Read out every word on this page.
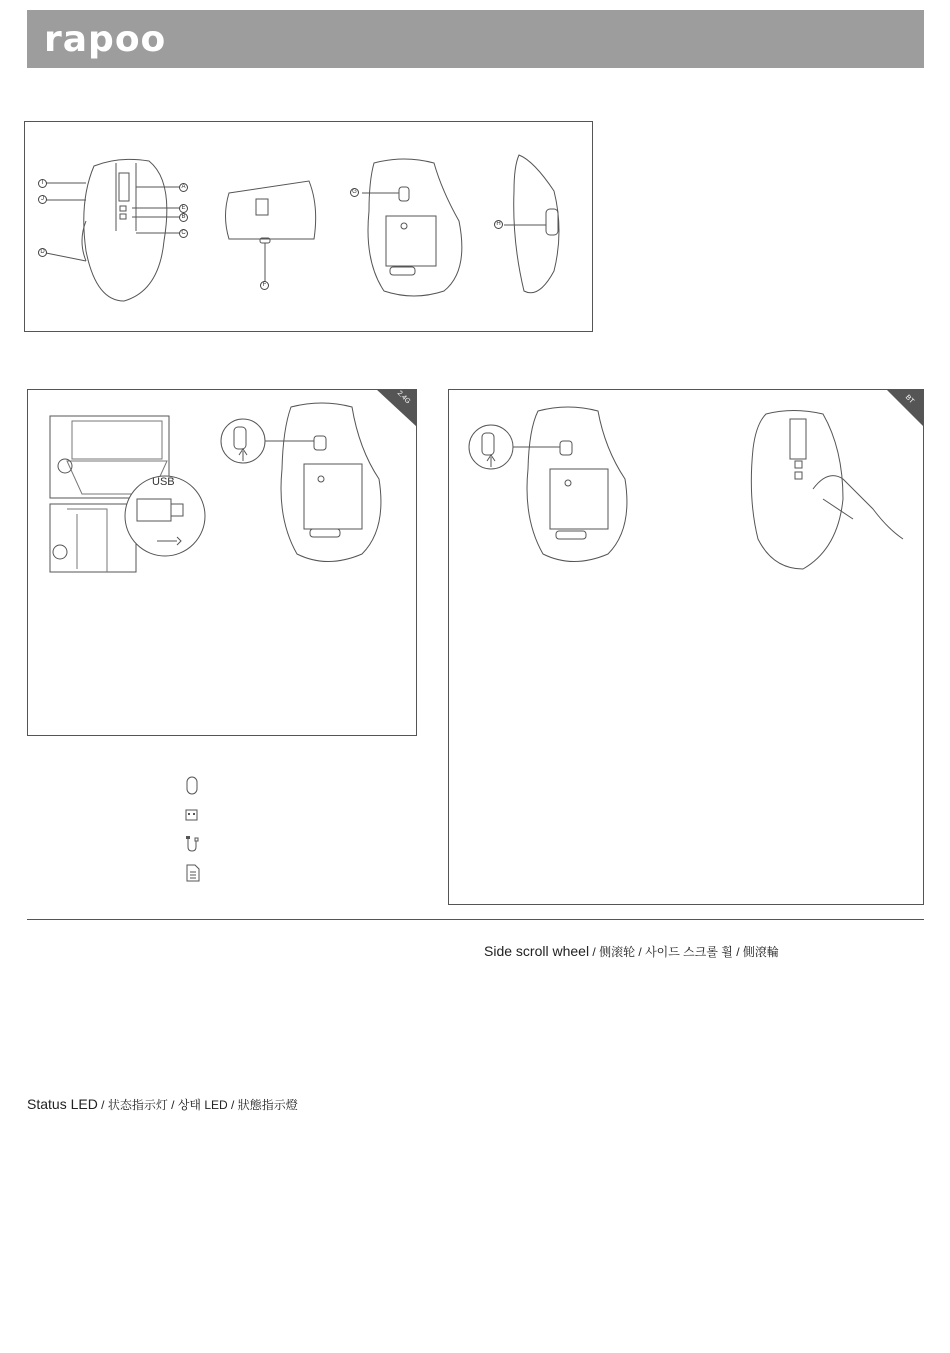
rapoo
I
J
D
A
E
B
C
F
G
H
2.4G
USB
BT
Side scroll wheel / 侧滚轮 / 사이드 스크롤 휠 / 側滾輪
Status LED / 状态指示灯 / 상태 LED / 狀態指示燈
